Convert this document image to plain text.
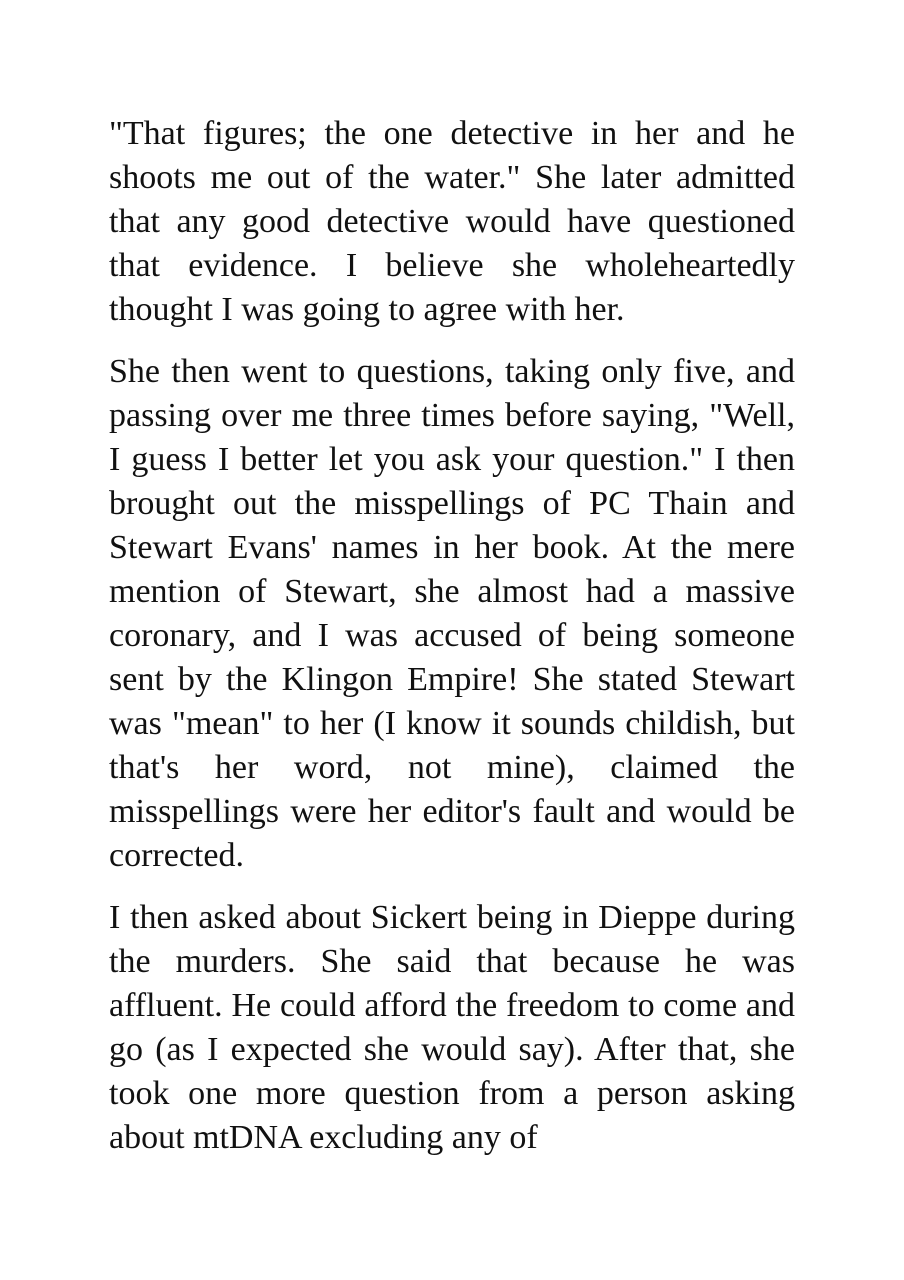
"That figures; the one detective in her and he shoots me out of the water." She later admitted that any good detective would have questioned that evidence. I believe she wholeheartedly thought I was going to agree with her.

She then went to questions, taking only five, and passing over me three times before saying, "Well, I guess I better let you ask your question." I then brought out the misspellings of PC Thain and Stewart Evans' names in her book. At the mere mention of Stewart, she almost had a massive coronary, and I was accused of being someone sent by the Klingon Empire! She stated Stewart was "mean" to her (I know it sounds childish, but that's her word, not mine), claimed the misspellings were her editor's fault and would be corrected.

I then asked about Sickert being in Dieppe during the murders. She said that because he was affluent. He could afford the freedom to come and go (as I expected she would say). After that, she took one more question from a person asking about mtDNA excluding any of
